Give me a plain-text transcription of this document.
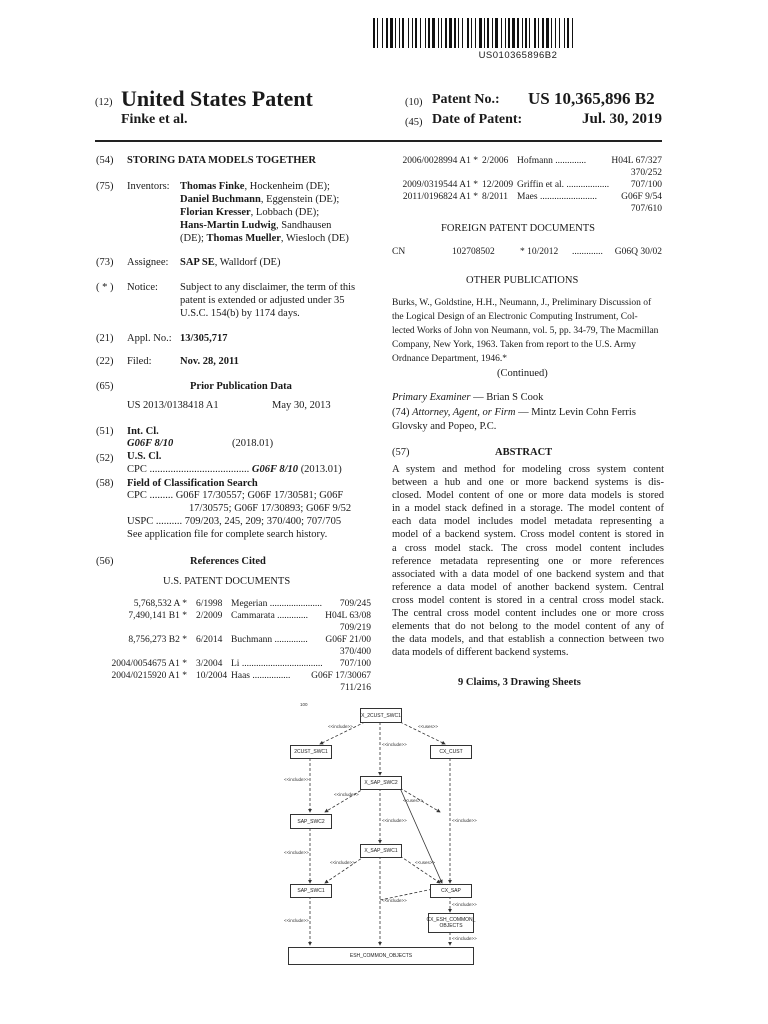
US010365896B2
(12) United States Patent
Finke et al.
(10) Patent No.: US 10,365,896 B2
(45) Date of Patent:	Jul. 30, 2019
(54) STORING DATA MODELS TOGETHER
(75) Inventors: Thomas Finke, Hockenheim (DE);
Daniel Buchmann, Eggenstein (DE);
Florian Kresser, Lobbach (DE);
Hans-Martin Ludwig, Sandhausen
(DE); Thomas Mueller, Wiesloch (DE)
(73) Assignee: SAP SE, Walldorf (DE)
( * ) Notice: Subject to any disclaimer, the term of this
patent is extended or adjusted under 35
U.S.C. 154(b) by 1174 days.
(21) Appl. No.: 13/305,717
(22) Filed:	Nov. 28, 2011
(65)	Prior Publication Data
US 2013/0138418 A1	May 30, 2013
(51) Int. Cl.
G06F 8/10	(2018.01)
(52) U.S. Cl.
CPC ...................................... G06F 8/10 (2013.01)
(58) Field of Classification Search
CPC ......... G06F 17/30557; G06F 17/30581; G06F
17/30575; G06F 17/30893; G06F 9/52
USPC .......... 709/203, 245, 209; 370/400; 707/705
See application file for complete search history.
(56)	References Cited
U.S. PATENT DOCUMENTS
5,768,532 A * 6/1998 Megerian ...................... 709/245
7,490,141 B1 * 2/2009 Cammarata ............. H04L 63/08
709/219
8,756,273 B2 * 6/2014 Buchmann .............. G06F 21/00
370/400
2004/0054675 A1 * 3/2004 Li .................................. 707/100
2004/0215920 A1 * 10/2004 Haas ................ G06F 17/30067
711/216
2006/0028994 A1 * 2/2006 Hofmann .............	H04L 67/327
370/252
2009/0319544 A1 * 12/2009 Griffin et al. .................. 707/100
2011/0196824 A1 * 8/2011 Maes ........................	G06F 9/54
707/610
FOREIGN PATENT DOCUMENTS
CN	102708502	* 10/2012 ............. G06Q 30/02
OTHER PUBLICATIONS
Burks, W., Goldstine, H.H., Neumann, J., Preliminary Discussion of
the Logical Design of an Electronic Computing Instrument, Col-
lected Works of John von Neumann, vol. 5, pp. 34-79, The Macmillan
Company, New York, 1963. Taken from report to the U.S. Army
Ordnance Department, 1946.*
(Continued)
Primary Examiner — Brian S Cook
(74) Attorney, Agent, or Firm — Mintz Levin Cohn Ferris
Glovsky and Popeo, P.C.
(57)	ABSTRACT
A system and method for modeling cross system content
between a hub and one or more backend systems is dis-
closed. Model content of one or more data models is stored
in a model stack defined in a storage. The model content of
each data model includes model metadata representing a
model of a backend system. Cross model content is stored in
a cross model stack. The cross model content includes
reference metadata representing one or more references
associated with a data model of one backend system and that
reference a data model of another backend system. Central
cross model content is stored in a central cross model stack.
The central cross model content includes one or more cross
elements that do not belong to the model content of any of
the data models, and that establish a connection between two
data models of different backend systems.
9 Claims, 3 Drawing Sheets
100
X_2CUST_SWC1
2CUST_SWC1	CX_CUST
X_SAP_SWC2
SAP_SWC2
X_SAP_SWC1
SAP_SWC1	CX_SAP
CX_ESH_COMMON_ OBJECTS
ESH_COMMON_OBJECTS
<<include>>	<<uses>>
<<include>>
<<include>>
<<include>>
<<uses>>
<<include>>	<<include>>
<<include>>
<<include>>	<<uses>>
<<include>>
<<include>>
<<include>>
<<include>>
